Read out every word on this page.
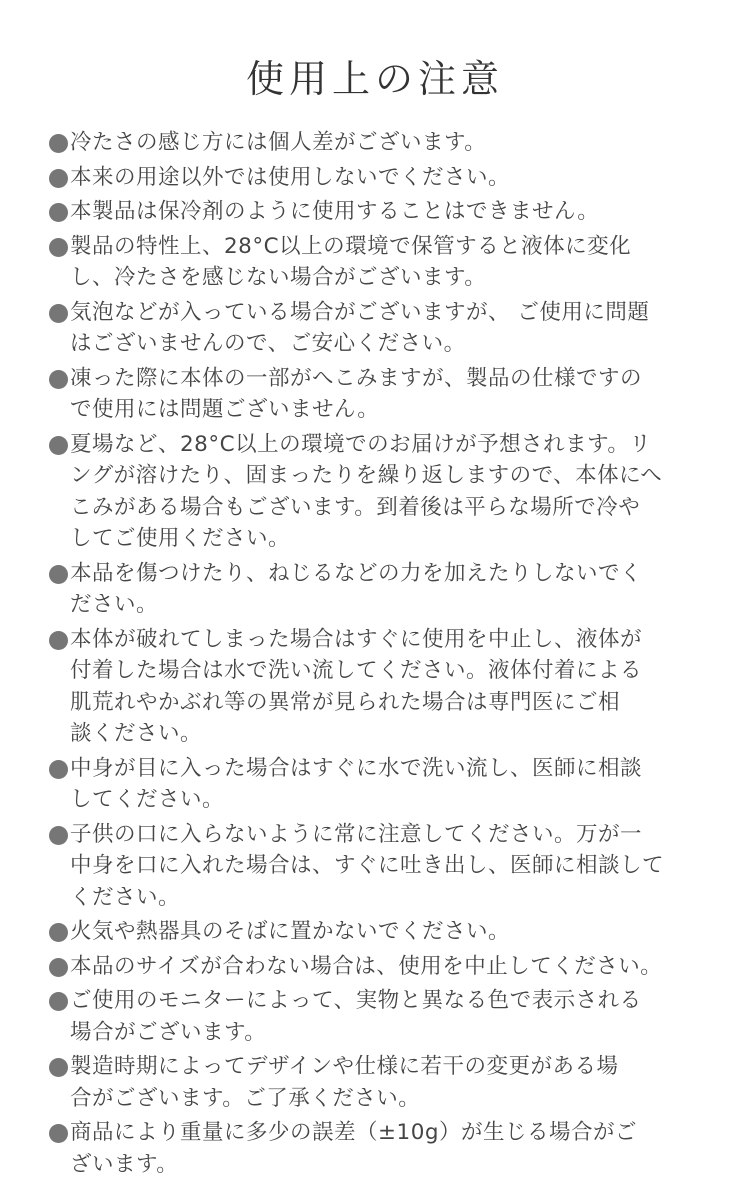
使用上の注意
冷たさの感じ方には個人差がございます。
本来の用途以外では使用しないでください。
本製品は保冷剤のように使用することはできません。
製品の特性上、28°C以上の環境で保管すると液体に変化
し、冷たさを感じない場合がございます。
気泡などが入っている場合がございますが、 ご使用に問題
はございませんので、ご安心ください。
凍った際に本体の一部がへこみますが、製品の仕様ですの
で使用には問題ございません。
夏場など、28°C以上の環境でのお届けが予想されます。リ
ングが溶けたり、固まったりを繰り返しますので、本体にへ
こみがある場合もございます。到着後は平らな場所で冷や
してご使用ください。
本品を傷つけたり、ねじるなどの力を加えたりしないでく
ださい。
本体が破れてしまった場合はすぐに使用を中止し、液体が
付着した場合は水で洗い流してください。液体付着による
肌荒れやかぶれ等の異常が見られた場合は専門医にご相
談ください。
中身が目に入った場合はすぐに水で洗い流し、医師に相談
してください。
子供の口に入らないように常に注意してください。万が一
中身を口に入れた場合は、すぐに吐き出し、医師に相談して
ください。
火気や熱器具のそばに置かないでください。
本品のサイズが合わない場合は、使用を中止してください。
ご使用のモニターによって、実物と異なる色で表示される
場合がございます。
製造時期によってデザインや仕様に若干の変更がある場
合がございます。ご了承ください。
商品により重量に多少の誤差（±10g）が生じる場合がご
ざいます。
